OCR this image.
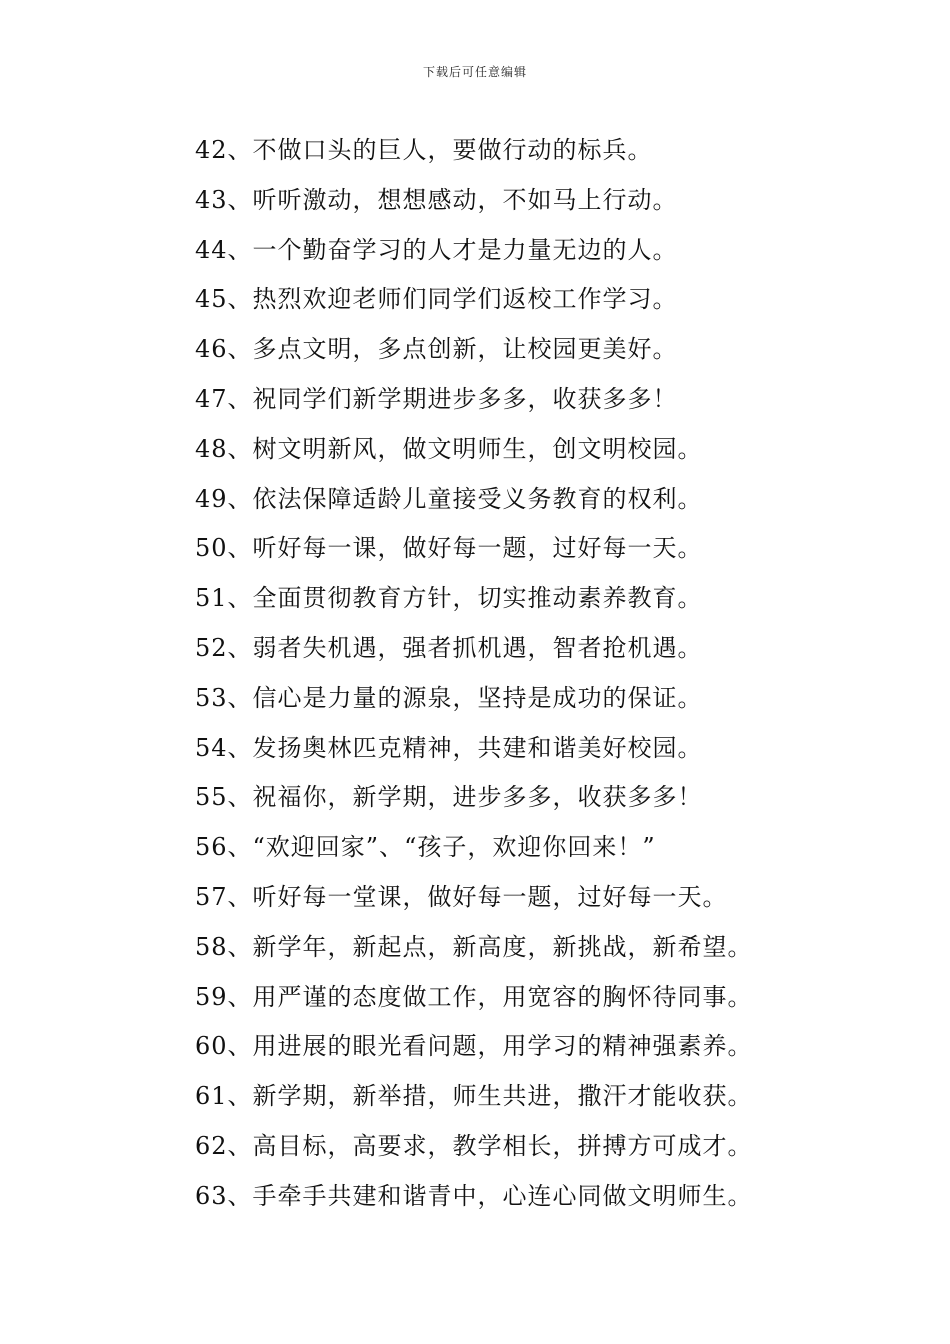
下载后可任意编辑
42、不做口头的巨人，要做行动的标兵。
43、听听激动，想想感动，不如马上行动。
44、一个勤奋学习的人才是力量无边的人。
45、热烈欢迎老师们同学们返校工作学习。
46、多点文明，多点创新，让校园更美好。
47、祝同学们新学期进步多多，收获多多！
48、树文明新风，做文明师生，创文明校园。
49、依法保障适龄儿童接受义务教育的权利。
50、听好每一课，做好每一题，过好每一天。
51、全面贯彻教育方针，切实推动素养教育。
52、弱者失机遇，强者抓机遇，智者抢机遇。
53、信心是力量的源泉，坚持是成功的保证。
54、发扬奥林匹克精神，共建和谐美好校园。
55、祝福你，新学期，进步多多，收获多多！
56、“欢迎回家”、“孩子，欢迎你回来！”
57、听好每一堂课，做好每一题，过好每一天。
58、新学年，新起点，新高度，新挑战，新希望。
59、用严谨的态度做工作，用宽容的胸怀待同事。
60、用进展的眼光看问题，用学习的精神强素养。
61、新学期，新举措，师生共进，撒汗才能收获。
62、高目标，高要求，教学相长，拼搏方可成才。
63、手牵手共建和谐青中，心连心同做文明师生。
